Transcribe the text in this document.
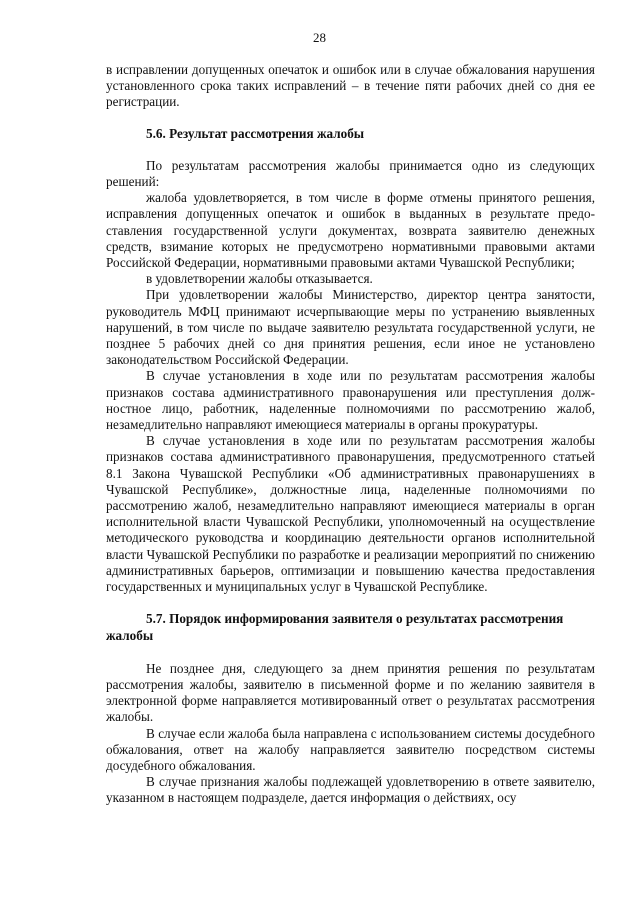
28

в исправлении допущенных опечаток и ошибок или в случае обжалования нарушения установленного срока таких исправлений – в течение пяти рабочих дней со дня ее регистрации.

5.6. Результат рассмотрения жалобы

По результатам рассмотрения жалобы принимается одно из следующих решений:

жалоба удовлетворяется, в том числе в форме отмены принятого решения, исправления допущенных опечаток и ошибок в выданных в результате предоставления государственной услуги документах, возврата заявителю денежных средств, взимание которых не предусмотрено нормативными правовыми актами Российской Федерации, нормативными правовыми актами Чувашской Республики;

в удовлетворении жалобы отказывается.

При удовлетворении жалобы Министерство, директор центра занятости, руководитель МФЦ принимают исчерпывающие меры по устранению выявленных нарушений, в том числе по выдаче заявителю результата государственной услуги, не позднее 5 рабочих дней со дня принятия решения, если иное не установлено законодательством Российской Федерации.

В случае установления в ходе или по результатам рассмотрения жалобы признаков состава административного правонарушения или преступления должностное лицо, работник, наделенные полномочиями по рассмотрению жалоб, незамедлительно направляют имеющиеся материалы в органы прокуратуры.

В случае установления в ходе или по результатам рассмотрения жалобы признаков состава административного правонарушения, предусмотренного статьей 8.1 Закона Чувашской Республики «Об административных правонарушениях в Чувашской Республике», должностные лица, наделенные полномочиями по рассмотрению жалоб, незамедлительно направляют имеющиеся материалы в орган исполнительной власти Чувашской Республики, уполномоченный на осуществление методического руководства и координацию деятельности органов исполнительной власти Чувашской Республики по разработке и реализации мероприятий по снижению административных барьеров, оптимизации и повышению качества предоставления государственных и муниципальных услуг в Чувашской Республике.

5.7. Порядок информирования заявителя о результатах рассмотрения жалобы

Не позднее дня, следующего за днем принятия решения по результатам рассмотрения жалобы, заявителю в письменной форме и по желанию заявителя в электронной форме направляется мотивированный ответ о результатах рассмотрения жалобы.

В случае если жалоба была направлена с использованием системы досудебного обжалования, ответ на жалобу направляется заявителю посредством системы досудебного обжалования.

В случае признания жалобы подлежащей удовлетворению в ответе заявителю, указанном в настоящем подразделе, дается информация о действиях, осу
